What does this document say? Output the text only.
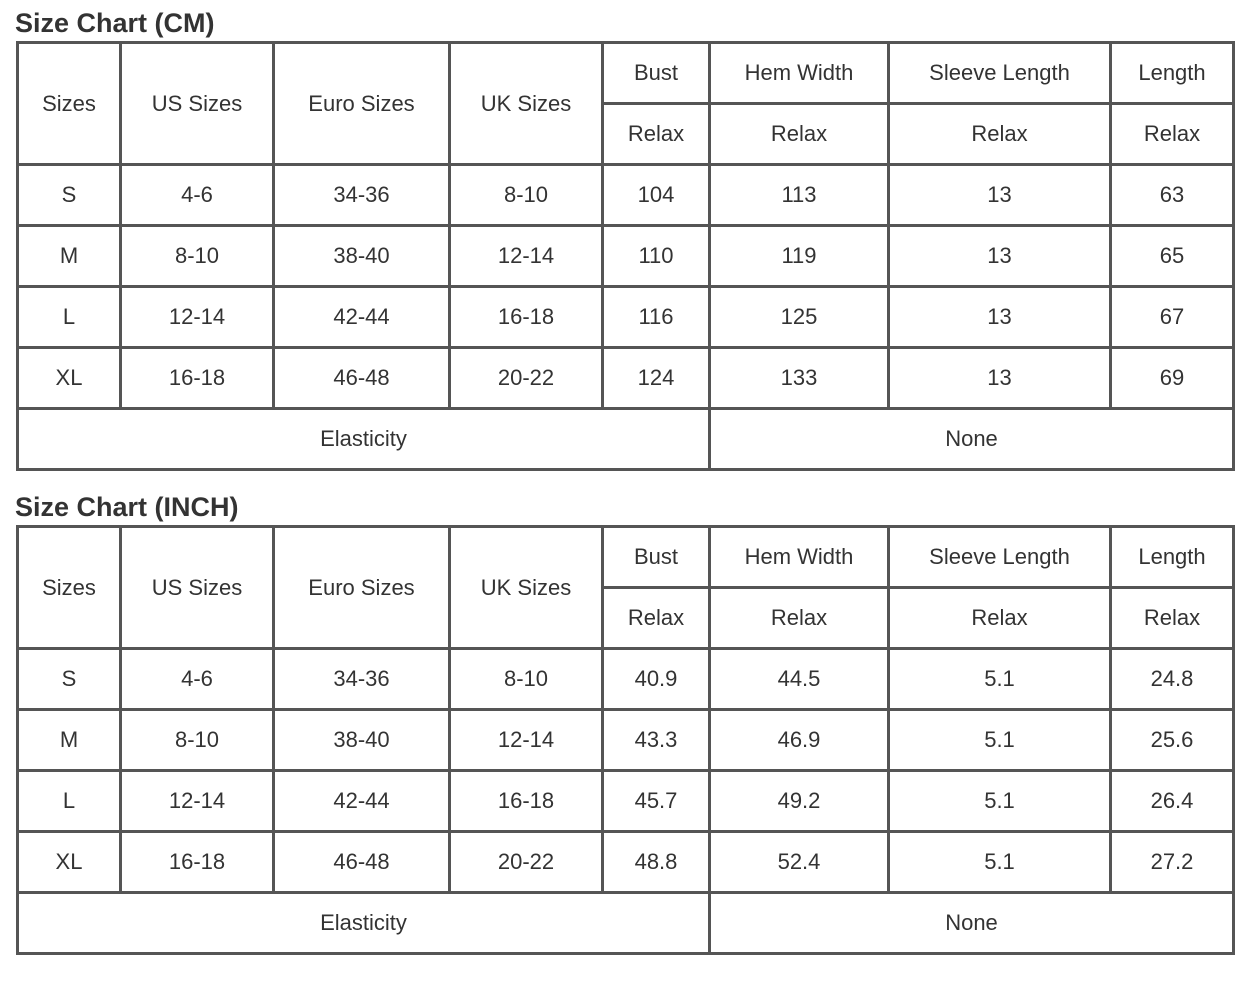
Size Chart (CM)
Sizes	US Sizes	Euro Sizes	UK Sizes	Bust	Hem Width	Sleeve Length	Length
				Relax	Relax	Relax	Relax
S	4-6	34-36	8-10	104	113	13	63
M	8-10	38-40	12-14	110	119	13	65
L	12-14	42-44	16-18	116	125	13	67
XL	16-18	46-48	20-22	124	133	13	69
Elasticity					None		
Size Chart (INCH)
Sizes	US Sizes	Euro Sizes	UK Sizes	Bust	Hem Width	Sleeve Length	Length
				Relax	Relax	Relax	Relax
S	4-6	34-36	8-10	40.9	44.5	5.1	24.8
M	8-10	38-40	12-14	43.3	46.9	5.1	25.6
L	12-14	42-44	16-18	45.7	49.2	5.1	26.4
XL	16-18	46-48	20-22	48.8	52.4	5.1	27.2
Elasticity					None		
